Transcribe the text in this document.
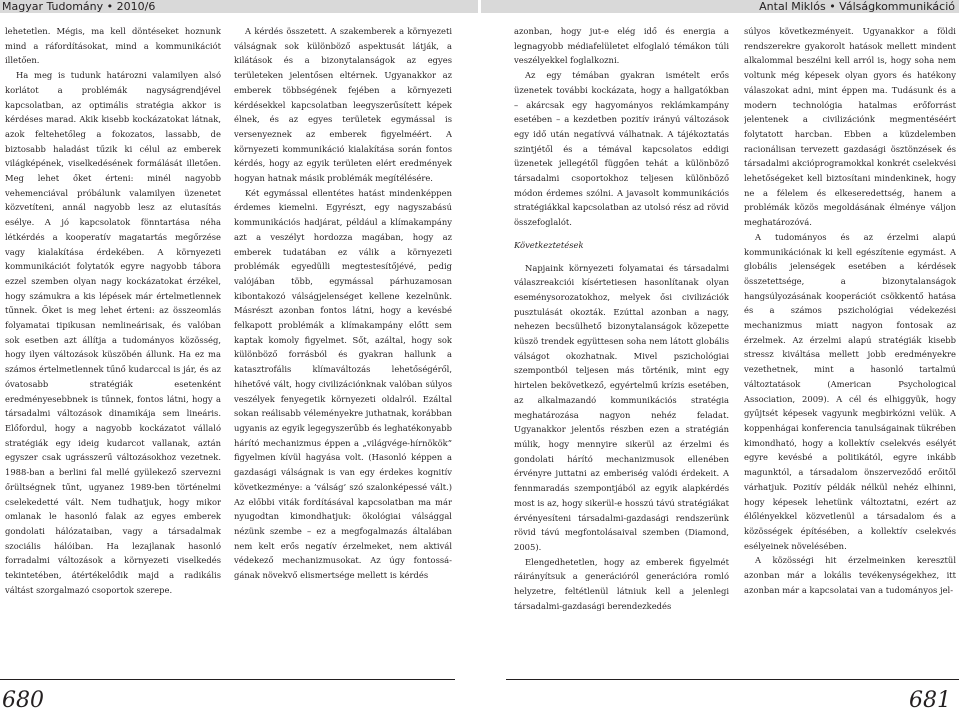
Magyar Tudomány • 2010/6	Antal Miklós • Válságkommunikáció

lehetetlen. Mégis, ma kell döntéseket hoznunk mind a ráfordításokat, mind a kommunikációt illetően.

Ha meg is tudunk határozni valamilyen alsó korlátot a problémák nagyságrendjével kapcsolatban, az optimális stratégia akkor is kérdéses marad. Akik kisebb kockázatokat látnak, azok feltehetőleg a fokozatos, lassabb, de biztosabb haladást tűzik ki célul az emberek világképének, viselkedésének formálását illetően. Meg lehet őket érteni: minél nagyobb vehemenciával próbálunk valamilyen üzenetet közvetíteni, annál nagyobb lesz az elutasítás esélye. A jó kapcsolatok fönntartása néha létkérdés a kooperatív magatartás megőrzése vagy kialakítása érdekében. A környezeti kommunikációt folytatók egyre nagyobb tábora ezzel szemben olyan nagy kockázatokat érzékel, hogy számukra a kis lépések már értelmetlennek tűnnek. Őket is meg lehet érteni: az összeomlás folyamatai tipikusan nemlineárisak, és valóban sok esetben azt állítja a tudományos közösség, hogy ilyen változások küszöbén állunk. Ha ez ma számos értelmetlennek tűnő kudarccal is jár, és az óvatosabb stratégiák esetenként eredményesebbnek is tűnnek, fontos látni, hogy a társadalmi változások dinamikája sem lineáris. Előfordul, hogy a nagyobb kockázatot vállaló stratégiák egy ideig kudarcot vallanak, aztán egyszer csak ugrásszerű változásokhoz vezetnek. 1988-ban a berlini fal mellé gyülekező szervezni őrültségnek tűnt, ugyanez 1989-ben történelmi cselekedetté vált. Nem tudhatjuk, hogy mikor omlanak le hasonló falak az egyes emberek gondolati hálózataiban, vagy a társadalmak szociális hálóiban. Ha lezajlanak hasonló forradalmi változások a környezeti viselkedés tekintetében, átértékelődik majd a radikális váltást szorgalmazó csoportok szerepe.

A kérdés összetett. A szakemberek a környezeti válságnak sok különböző aspektusát látják, a kilátások és a bizonytalanságok az egyes területeken jelentősen eltérnek. Ugyanakkor az emberek többségének fejében a környezeti kérdésekkel kapcsolatban leegyszerűsített képek élnek, és az egyes területek egymással is versenyeznek az emberek figyelméért. A környezeti kommunikáció kialakítása során fontos kérdés, hogy az egyik területen elért eredmények hogyan hatnak másik problémák megítélésére.

Két egymással ellentétes hatást mindenképpen érdemes kiemelni. Egyrészt, egy nagyszabású kommunikációs hadjárat, például a klímakampány azt a veszélyt hordozza magában, hogy az emberek tudatában ez válik a környezeti problémák egyedülli megtestesítőjévé, pedig valójában több, egymással párhuzamosan kibontakozó válságjelenséget kellene kezelnünk. Másrészt azonban fontos látni, hogy a kevésbé felkapott problémák a klímakampány előtt sem kaptak komoly figyelmet. Sőt, azáltal, hogy sok különböző forrásból és gyakran hallunk a katasztrofális klímaváltozás lehetőségéről, hihetővé vált, hogy civilizációnknak valóban súlyos veszélyek fenyegetik környezeti oldalról. Ezáltal sokan reálisabb véleményekre juthatnak, korábban ugyanis az egyik legegyszerűbb és leghatékonyabb hárító mechanizmus éppen a „világvége-hírnökök” figyelmen kívül hagyása volt. (Hasonló képpen a gazdasági válságnak is van egy érdekes kognitív következménye: a ’válság’ szó szalonképessé vált.) Az előbbi viták fordításával kapcsolatban ma már nyugodtan kimondhatjuk: ökológiai válsággal nézünk szembe – ez a megfogalmazás általában nem kelt erős negatív érzelmeket, nem aktivál védekező mechanizmusokat. Az úgy fontossá-gának növekvő elismertsége mellett is kérdés

azonban, hogy jut-e elég idő és energia a legnagyobb médiafelületet elfoglaló témákon túli veszélyekkel foglalkozni.

Az egy témában gyakran ismételt erős üzenetek további kockázata, hogy a hallgatókban – akárcsak egy hagyományos reklámkampány esetében – a kezdetben pozitív irányú változások egy idő után negatívvá válhatnak. A tájékoztatás szintjétől és a témával kapcsolatos eddigi üzenetek jellegétől függően tehát a különböző társadalmi csoportokhoz teljesen különböző módon érdemes szólni. A javasolt kommunikációs stratégiákkal kapcsolatban az utolsó rész ad rövid összefoglalót.

Következtetések

Napjaink környezeti folyamatai és társadalmi válaszreakciói kísértetiesen hasonlítanak olyan eseménysorozatokhoz, melyek ősi civilizációk pusztulását okozták. Ezúttal azonban a nagy, nehezen becsülhető bizonytalanságok közepette küszö trendek együttesen soha nem látott globális válságot okozhatnak. Mivel pszichológiai szempontból teljesen más történik, mint egy hirtelen bekövetkező, egyértelmű krízis esetében, az alkalmazandó kommunikációs stratégia meghatározása nagyon nehéz feladat. Ugyanakkor jelentős részben ezen a stratégián múlik, hogy mennyire sikerül az érzelmi és gondolati hárító mechanizmusok ellenében érvényre juttatni az emberiség valódi érdekeit. A fennmaradás szempontjából az egyik alapkérdés most is az, hogy sikerül-e hosszú távú stratégiákat érvényesíteni társadalmi-gazdasági rendszerünk rövid távú megfontolásaival szemben (Diamond, 2005).

Elengedhetetlen, hogy az emberek figyelmét ráirányítsuk a generációról generációra romló helyzetre, feltétlenül látniuk kell a jelenlegi társadalmi-gazdasági berendezkedés

súlyos következményeit. Ugyanakkor a földi rendszerekre gyakorolt hatások mellett mindent alkalommal beszélni kell arról is, hogy soha nem voltunk még képesek olyan gyors és hatékony válaszokat adni, mint éppen ma. Tudásunk és a modern technológia hatalmas erőforrást jelentenek a civilizációnk megmentéséért folytatott harcban. Ebben a küzdelemben racionálisan tervezett gazdasági ösztönzések és társadalmi akcióprogramokkal konkrét cselekvési lehetőségeket kell biztosítani mindenkinek, hogy ne a félelem és elkeseredettség, hanem a problémák közös megoldásának élménye váljon meghatározóvá.

A tudományos és az érzelmi alapú kommunikációnak ki kell egészítenie egymást. A globális jelenségek esetében a kérdések összetettsége, a bizonytalanságok hangsúlyozásának kooperációt csökkentő hatása és a számos pszichológiai védekezési mechanizmus miatt nagyon fontosak az érzelmek. Az érzelmi alapú stratégiák kisebb stressz kiváltása mellett jobb eredményekre vezethetnek, mint a hasonló tartalmú változtatások (American Psychological Association, 2009). A cél és elhiggyük, hogy gyűjtsét képesek vagyunk megbirkózni velük. A koppenhágai konferencia tanulságainak tükrében kimondható, hogy a kollektív cselekvés esélyét egyre kevésbé a politikától, egyre inkább magunktól, a társadalom önszerveződő erőitől várhatjuk. Pozitív példák nélkül nehéz elhinni, hogy képesek lehetünk változtatni, ezért az élőlényekkel közvetlenül a társadalom és a közösségek építésében, a kollektív cselekvés esélyeinek növelésében.

A közösségi hit érzelmeinken keresztül azonban már a lokális tevékenységekhez, itt azonban már a kapcsolatai van a tudományos jel-

680	681
